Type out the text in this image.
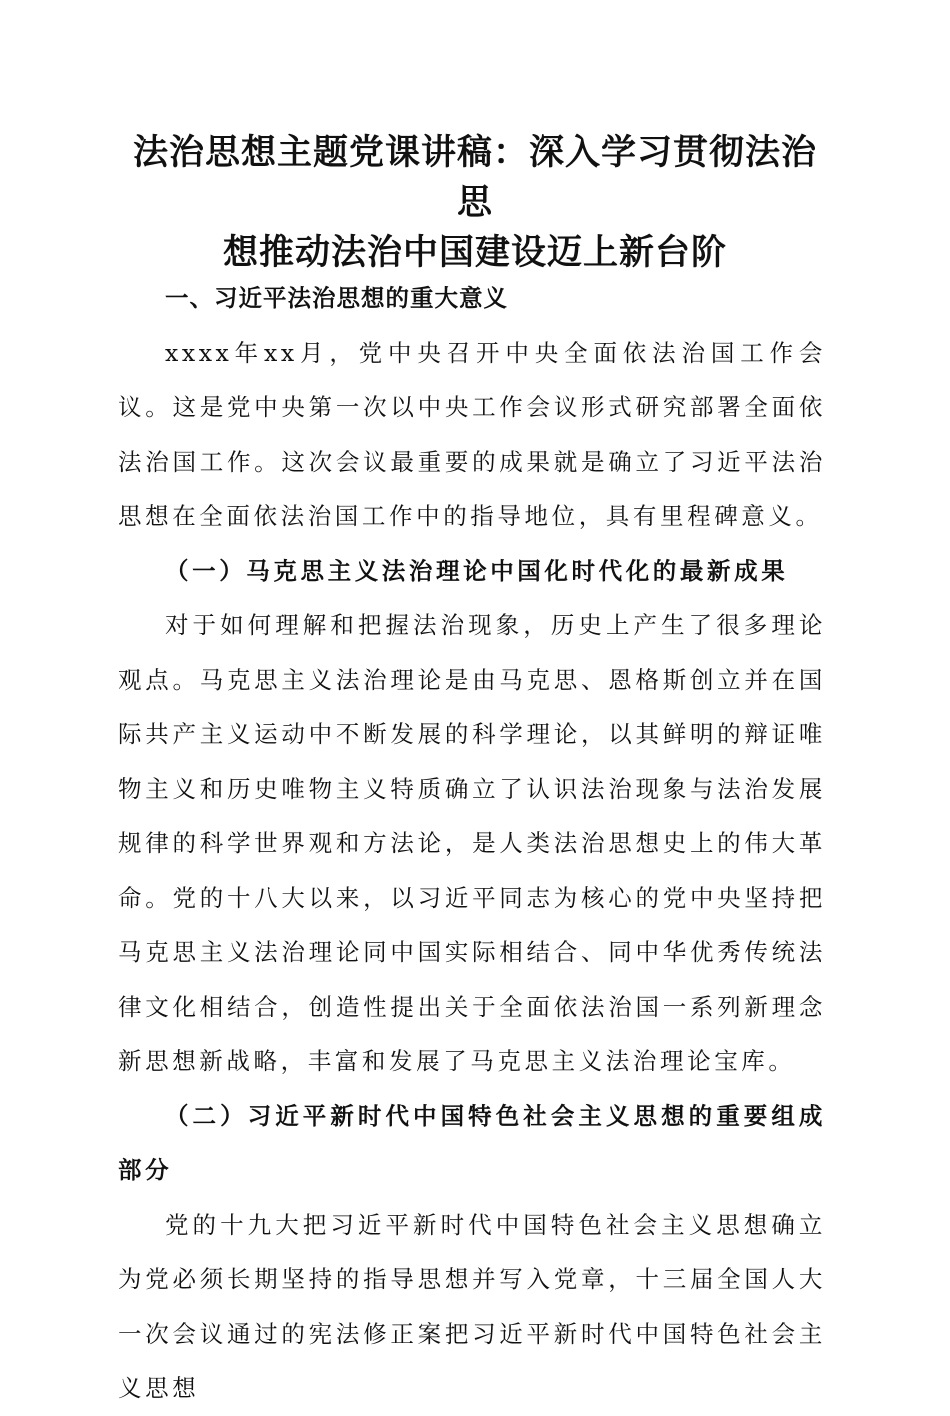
法治思想主题党课讲稿：深入学习贯彻法治思
想推动法治中国建设迈上新台阶

一、习近平法治思想的重大意义

xxxx年xx月，党中央召开中央全面依法治国工作会议。这是党中央第一次以中央工作会议形式研究部署全面依法治国工作。这次会议最重要的成果就是确立了习近平法治思想在全面依法治国工作中的指导地位，具有里程碑意义。

（一）马克思主义法治理论中国化时代化的最新成果

对于如何理解和把握法治现象，历史上产生了很多理论观点。马克思主义法治理论是由马克思、恩格斯创立并在国际共产主义运动中不断发展的科学理论，以其鲜明的辩证唯物主义和历史唯物主义特质确立了认识法治现象与法治发展规律的科学世界观和方法论，是人类法治思想史上的伟大革命。党的十八大以来，以习近平同志为核心的党中央坚持把马克思主义法治理论同中国实际相结合、同中华优秀传统法律文化相结合，创造性提出关于全面依法治国一系列新理念新思想新战略，丰富和发展了马克思主义法治理论宝库。

（二）习近平新时代中国特色社会主义思想的重要组成部分

党的十九大把习近平新时代中国特色社会主义思想确立为党必须长期坚持的指导思想并写入党章，十三届全国人大一次会议通过的宪法修正案把习近平新时代中国特色社会主义思想
